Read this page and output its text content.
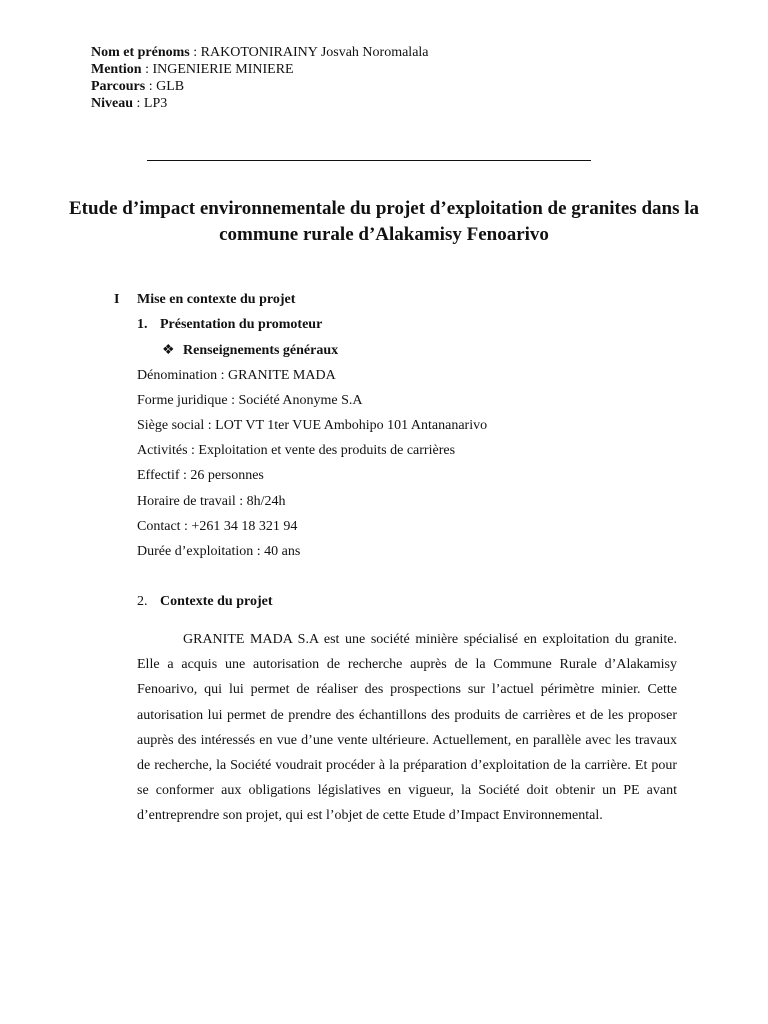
Nom et prénoms : RAKOTONIRAINY Josvah Noromalala
Mention : INGENIERIE MINIERE
Parcours : GLB
Niveau : LP3
Etude d’impact environnementale du projet d’exploitation de granites dans la commune rurale d’Alakamisy Fenoarivo
I Mise en contexte du projet
1. Présentation du promoteur
❖ Renseignements généraux
Dénomination : GRANITE MADA
Forme juridique : Société Anonyme S.A
Siège social : LOT VT 1ter VUE Ambohipo 101 Antananarivo
Activités : Exploitation et vente des produits de carrières
Effectif : 26 personnes
Horaire de travail : 8h/24h
Contact : +261 34 18 321 94
Durée d’exploitation : 40 ans
2. Contexte du projet
GRANITE MADA S.A est une société minière spécialisé en exploitation du granite. Elle a acquis une autorisation de recherche auprès de la Commune Rurale d’Alakamisy Fenoarivo, qui lui permet de réaliser des prospections sur l’actuel périmètre minier. Cette autorisation lui permet de prendre des échantillons des produits de carrières et de les proposer auprès des intéressés en vue d’une vente ultérieure. Actuellement, en parallèle avec les travaux de recherche, la Société voudrait procéder à la préparation d’exploitation de la carrière. Et pour se conformer aux obligations législatives en vigueur, la Société doit obtenir un PE avant d’entreprendre son projet, qui est l’objet de cette Etude d’Impact Environnemental.
